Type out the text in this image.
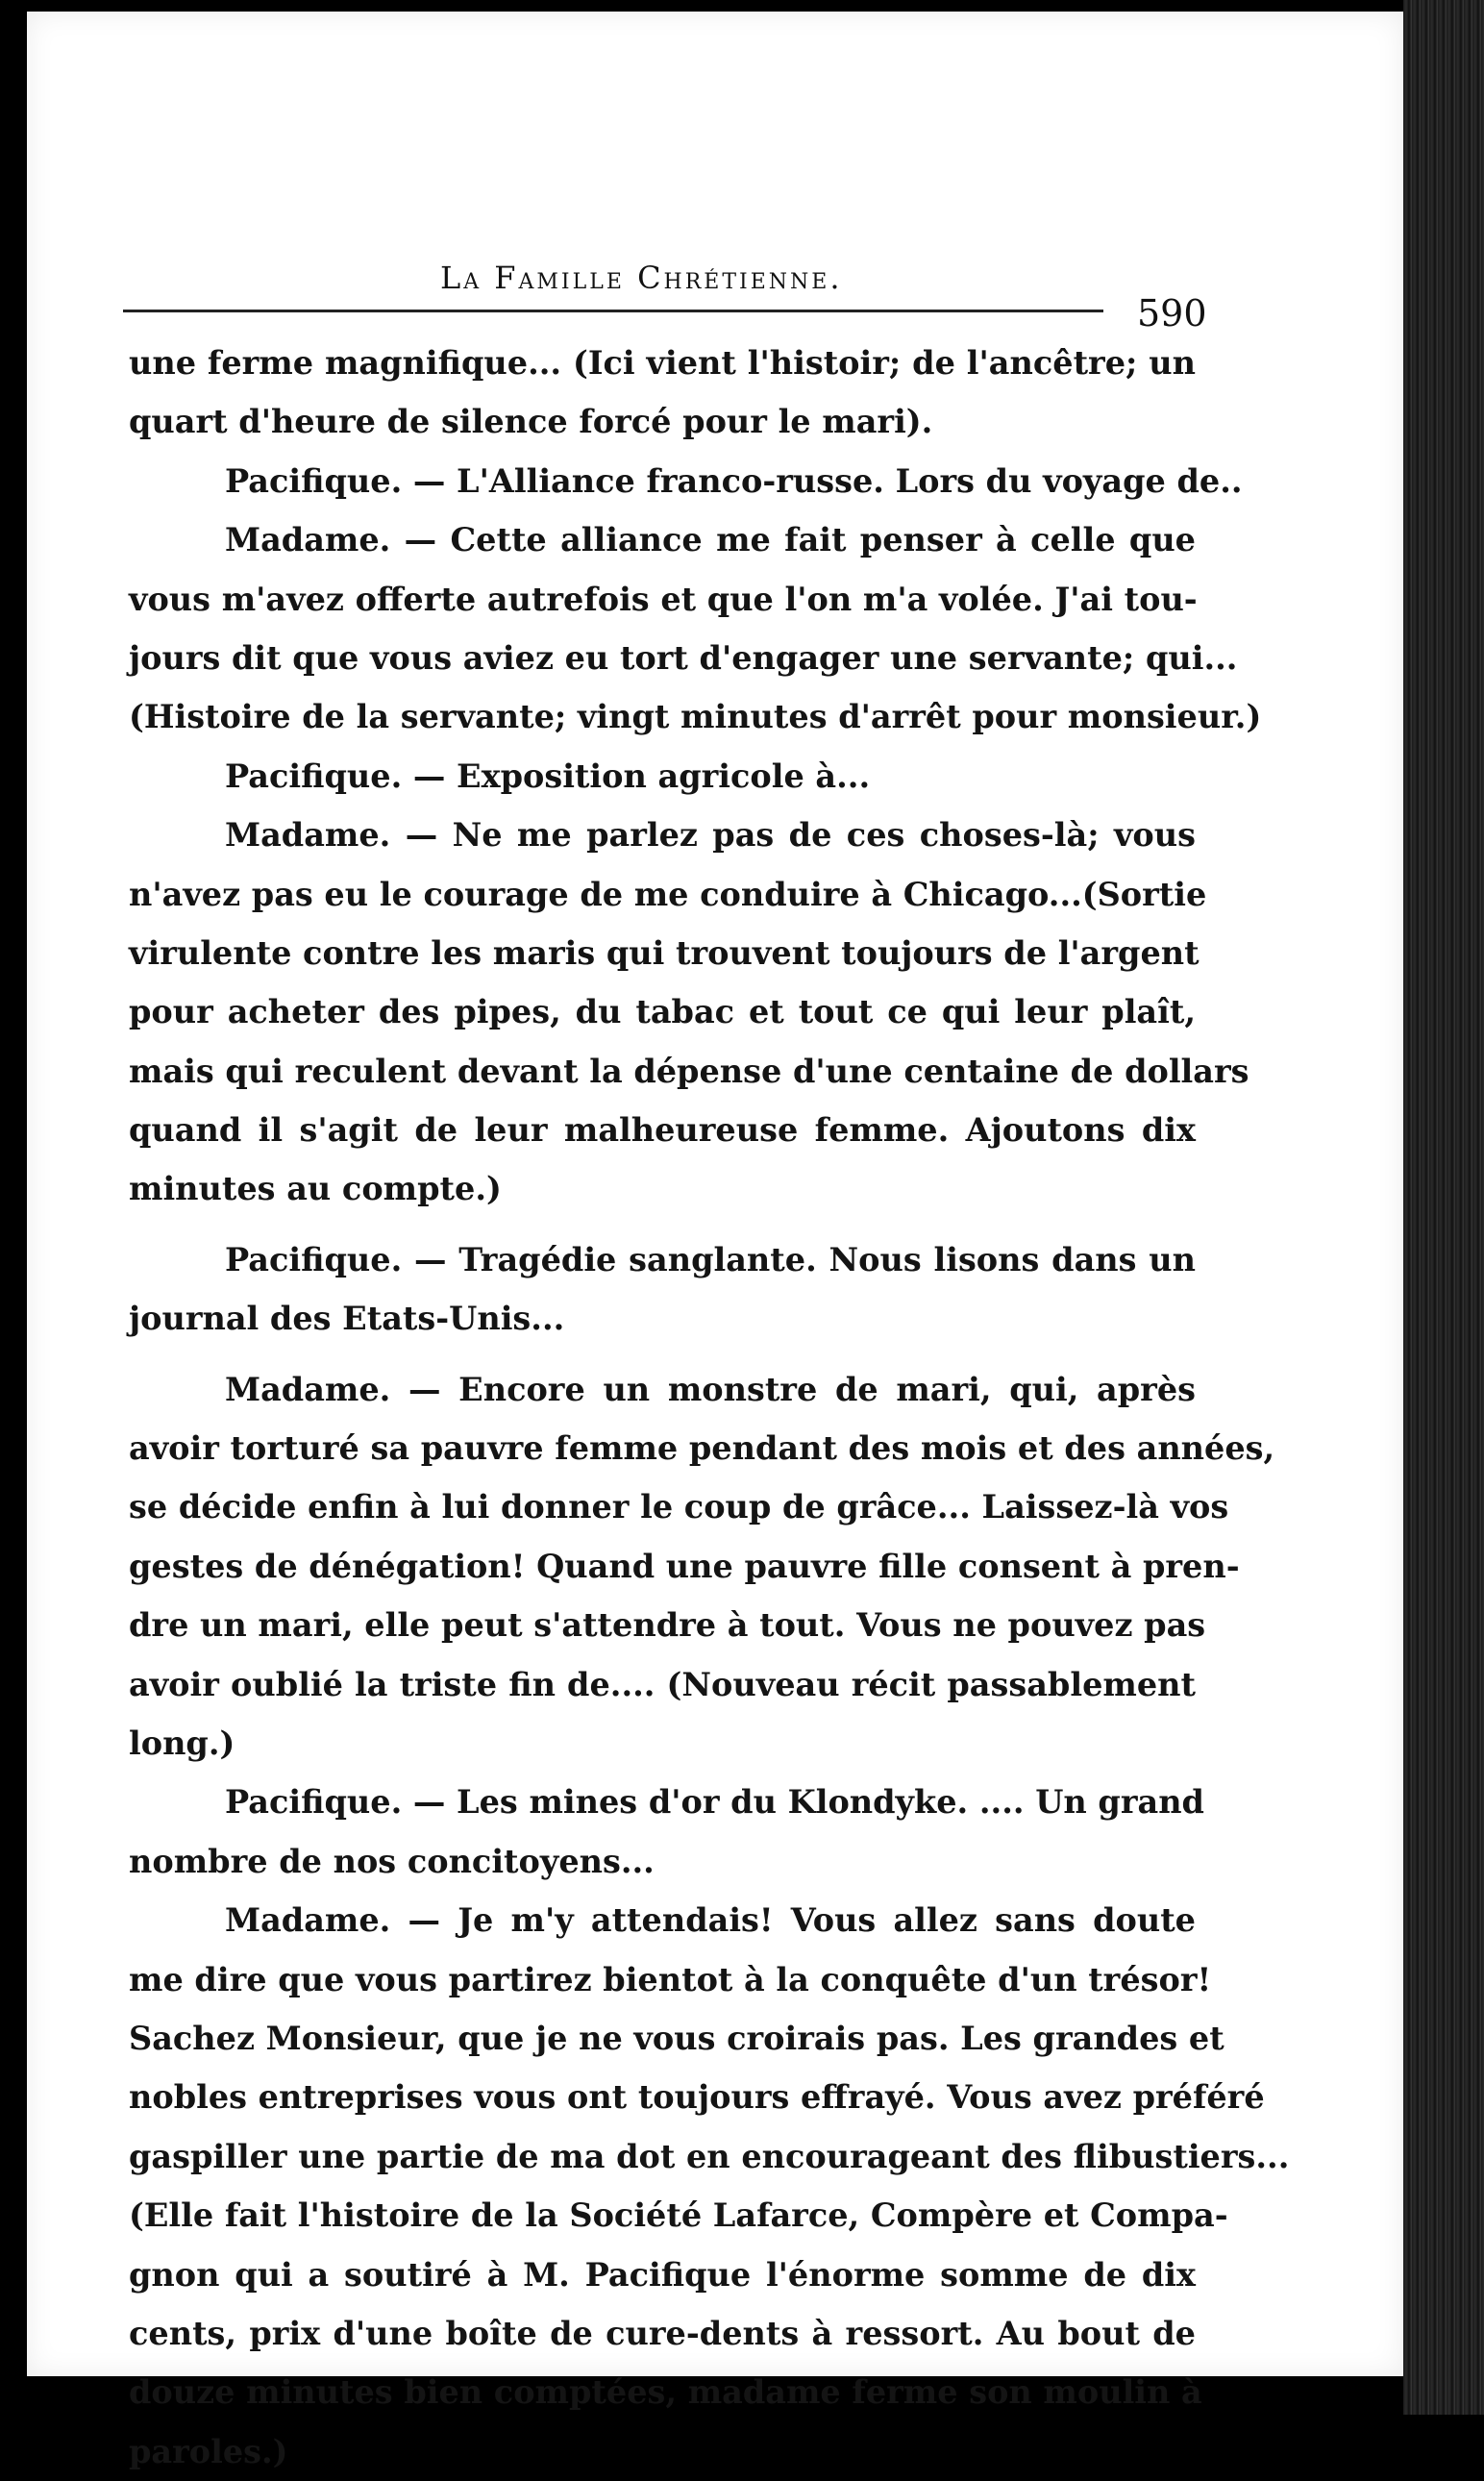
La Famille Chrétienne.
590
une ferme magnifique... (Ici vient l'histoir; de l'ancêtre; un
quart d'heure de silence forcé pour le mari).
Pacifique. — L'Alliance franco-russe. Lors du voyage de..
Madame. — Cette alliance me fait penser à celle que
vous m'avez offerte autrefois et que l'on m'a volée. J'ai tou-
jours dit que vous aviez eu tort d'engager une servante; qui...
(Histoire de la servante; vingt minutes d'arrêt pour monsieur.)
Pacifique. — Exposition agricole à...
Madame. — Ne me parlez pas de ces choses-là; vous
n'avez pas eu le courage de me conduire à Chicago...(Sortie
virulente contre les maris qui trouvent toujours de l'argent
pour acheter des pipes, du tabac et tout ce qui leur plaît,
mais qui reculent devant la dépense d'une centaine de dollars
quand il s'agit de leur malheureuse femme. Ajoutons dix
minutes au compte.)
Pacifique. — Tragédie sanglante. Nous lisons dans un
journal des Etats-Unis...
Madame. — Encore un monstre de mari, qui, après
avoir torturé sa pauvre femme pendant des mois et des années,
se décide enfin à lui donner le coup de grâce... Laissez-là vos
gestes de dénégation! Quand une pauvre fille consent à pren-
dre un mari, elle peut s'attendre à tout. Vous ne pouvez pas
avoir oublié la triste fin de.... (Nouveau récit passablement
long.)
Pacifique. — Les mines d'or du Klondyke. .... Un grand
nombre de nos concitoyens...
Madame. — Je m'y attendais! Vous allez sans doute
me dire que vous partirez bientot à la conquête d'un trésor!
Sachez Monsieur, que je ne vous croirais pas. Les grandes et
nobles entreprises vous ont toujours effrayé. Vous avez préféré
gaspiller une partie de ma dot en encourageant des flibustiers...
(Elle fait l'histoire de la Société Lafarce, Compère et Compa-
gnon qui a soutiré à M. Pacifique l'énorme somme de dix
cents, prix d'une boîte de cure-dents à ressort. Au bout de
douze minutes bien comptées, madame ferme son moulin à
paroles.)
